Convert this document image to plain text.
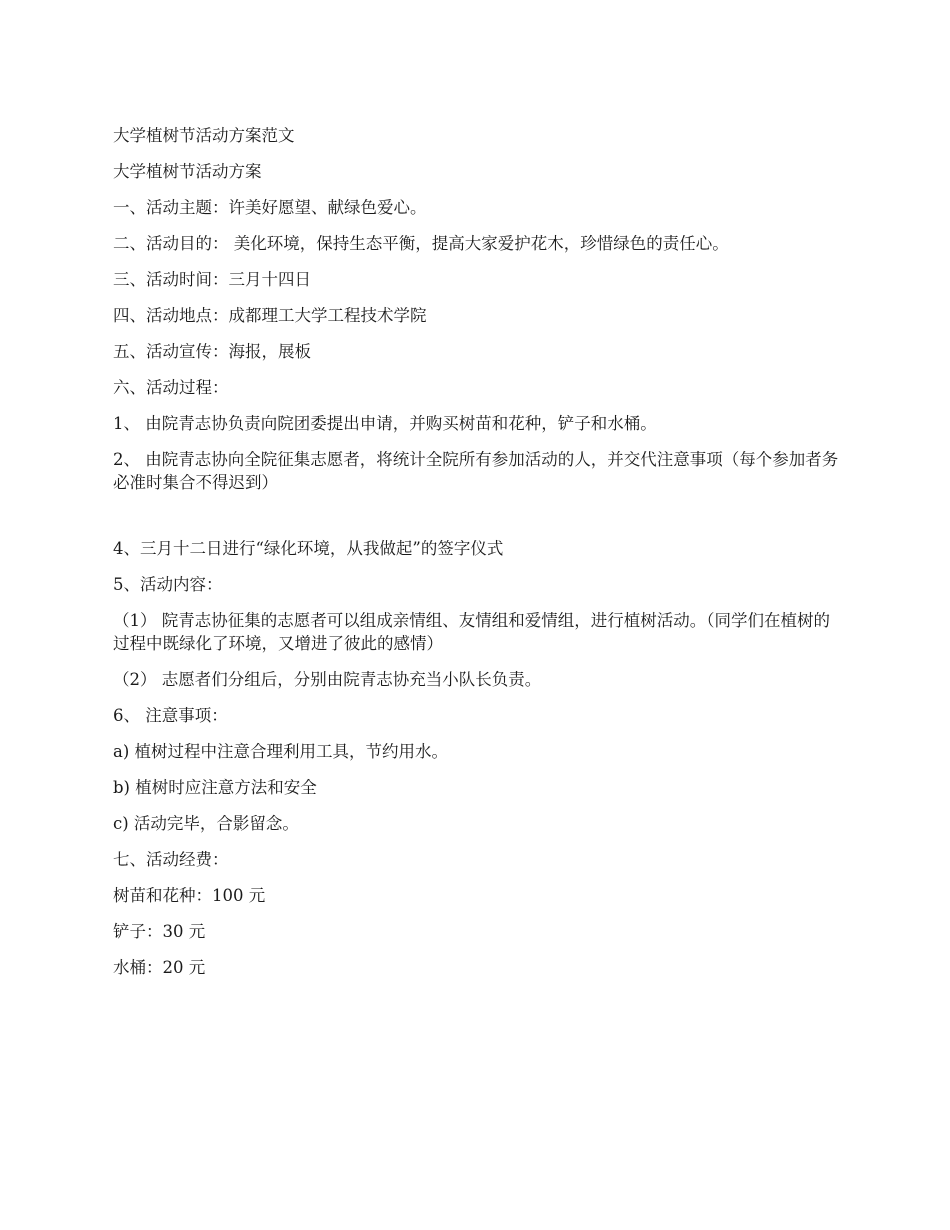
大学植树节活动方案范文

大学植树节活动方案

一、活动主题：许美好愿望、献绿色爱心。

二、活动目的： 美化环境，保持生态平衡，提高大家爱护花木，珍惜绿色的责任心。

三、活动时间：三月十四日

四、活动地点：成都理工大学工程技术学院

五、活动宣传：海报，展板

六、活动过程：

1、 由院青志协负责向院团委提出申请，并购买树苗和花种，铲子和水桶。

2、 由院青志协向全院征集志愿者，将统计全院所有参加活动的人，并交代注意事项（每个参加者务必准时集合不得迟到）

4、三月十二日进行“绿化环境，从我做起”的签字仪式

5、活动内容：

（1） 院青志协征集的志愿者可以组成亲情组、友情组和爱情组，进行植树活动。（同学们在植树的过程中既绿化了环境，又增进了彼此的感情）

（2） 志愿者们分组后，分别由院青志协充当小队长负责。

6、 注意事项：

a) 植树过程中注意合理利用工具，节约用水。

b) 植树时应注意方法和安全

c) 活动完毕，合影留念。

七、活动经费：

树苗和花种：100 元

铲子：30 元

水桶：20 元
